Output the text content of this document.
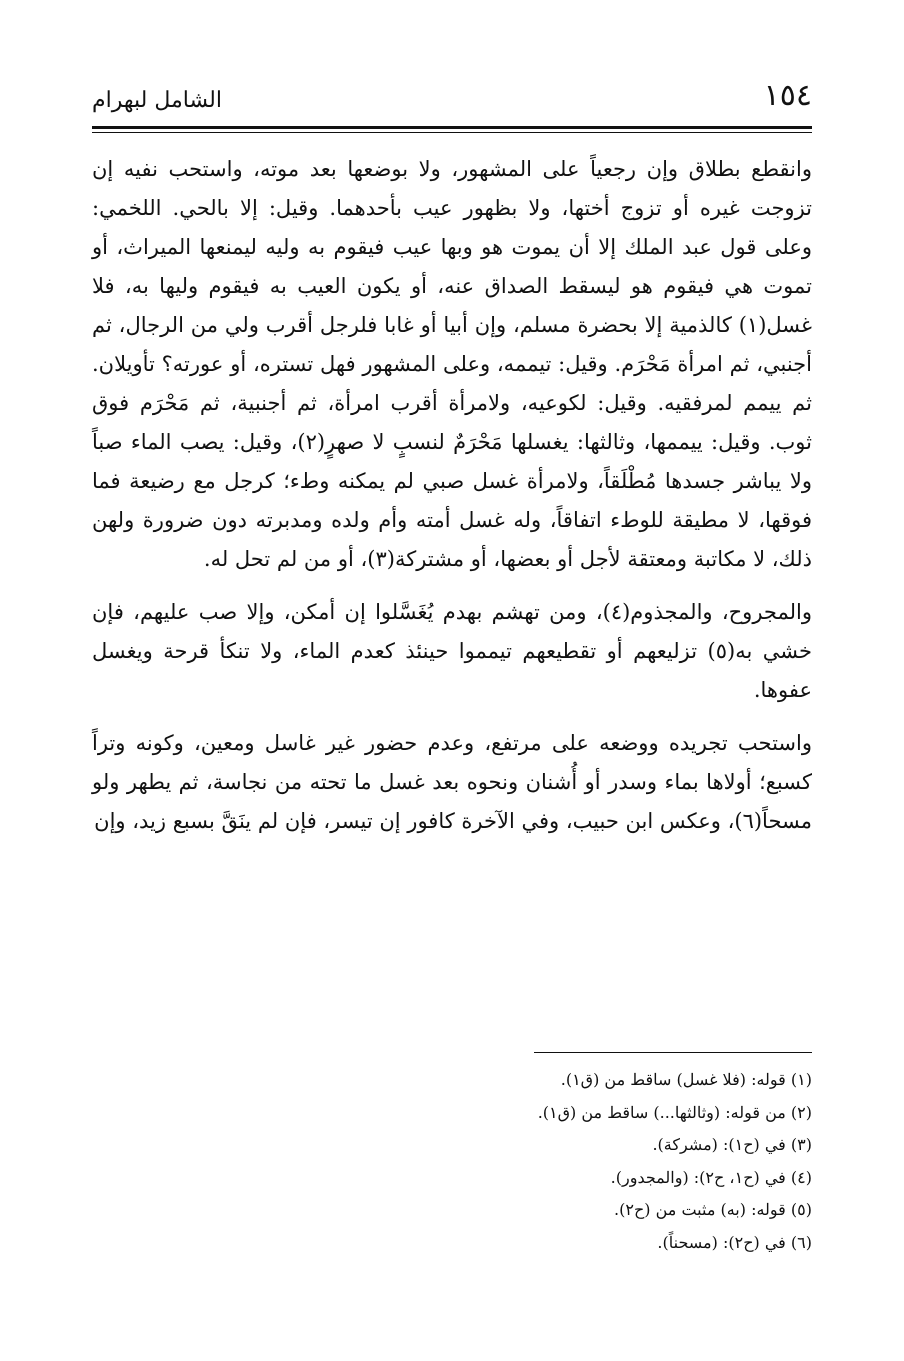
١٥٤
الشامل لبهرام

وانقطع بطلاق وإن رجعياً على المشهور، ولا بوضعها بعد موته، واستحب نفيه إن تزوجت غيره أو تزوج أختها، ولا بظهور عيب بأحدهما. وقيل: إلا بالحي. اللخمي: وعلى قول عبد الملك إلا أن يموت هو وبها عيب فيقوم به وليه ليمنعها الميراث، أو تموت هي فيقوم هو ليسقط الصداق عنه، أو يكون العيب به فيقوم وليها به، فلا غسل(١) كالذمية إلا بحضرة مسلم، وإن أبيا أو غابا فلرجل أقرب ولي من الرجال، ثم أجنبي، ثم امرأة مَحْرَم. وقيل: تيممه، وعلى المشهور فهل تستره، أو عورته؟ تأويلان. ثم ييمم لمرفقيه. وقيل: لكوعيه، ولامرأة أقرب امرأة، ثم أجنبية، ثم مَحْرَم فوق ثوب. وقيل: ييممها، وثالثها: يغسلها مَحْرَمٌ لنسبٍ لا صهرٍ(٢)، وقيل: يصب الماء صباً ولا يباشر جسدها مُطْلَقاً، ولامرأة غسل صبي لم يمكنه وطء؛ كرجل مع رضيعة فما فوقها، لا مطيقة للوطء اتفاقاً، وله غسل أمته وأم ولده ومدبرته دون ضرورة ولهن ذلك، لا مكاتبة ومعتقة لأجل أو بعضها، أو مشتركة(٣)، أو من لم تحل له.

والمجروح، والمجذوم(٤)، ومن تهشم بهدم يُغَسَّلوا إن أمكن، وإلا صب عليهم، فإن خشي به(٥) تزليعهم أو تقطيعهم تيمموا حينئذ كعدم الماء، ولا تنكأ قرحة ويغسل عفوها.

واستحب تجريده ووضعه على مرتفع، وعدم حضور غير غاسل ومعين، وكونه وتراً كسبع؛ أولاها بماء وسدر أو أُشنان ونحوه بعد غسل ما تحته من نجاسة، ثم يطهر ولو مسحاً(٦)، وعكس ابن حبيب، وفي الآخرة كافور إن تيسر، فإن لم ينَقَّ بسبع زيد، وإن

(١) قوله: (فلا غسل) ساقط من (ق١).
(٢) من قوله: (وثالثها...) ساقط من (ق١).
(٣) في (ح١): (مشركة).
(٤) في (ح١، ح٢): (والمجدور).
(٥) قوله: (به) مثبت من (ح٢).
(٦) في (ح٢): (مسحناً).
